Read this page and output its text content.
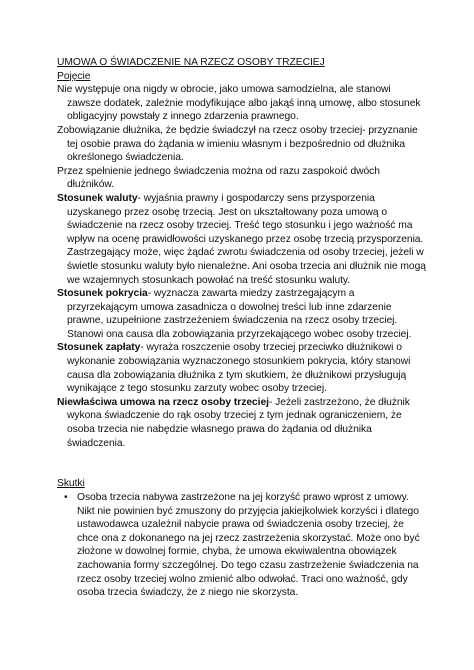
UMOWA O ŚWIADCZENIE NA RZECZ OSOBY TRZECIEJ

Pojęcie

Nie występuje ona nigdy w obrocie, jako umowa samodzielna, ale stanowi zawsze dodatek, zależnie modyfikujące albo jakąś inną umowę, albo stosunek obligacyjny powstały z innego zdarzenia prawnego.

Zobowiązanie dłużnika, że będzie świadczył na rzecz osoby trzeciej- przyznanie tej osobie prawa do żądania w imieniu własnym i bezpośrednio od dłużnika określonego świadczenia.

Przez spełnienie jednego świadczenia można od razu zaspokoić dwóch dłużników.

Stosunek waluty- wyjaśnia prawny i gospodarczy sens przysporzenia uzyskanego przez osobę trzecią. Jest on ukształtowany poza umową o świadczenie na rzecz osoby trzeciej. Treść tego stosunku i jego ważność ma wpływ na ocenę prawidłowości uzyskanego przez osobę trzecią przysporzenia. Zastrzegający może, więc żądać zwrotu świadczenia od osoby trzeciej, jeżeli w świetle stosunku waluty było nienależne. Ani osoba trzecia ani dłużnik nie mogą we wzajemnych stosunkach powołać na treść stosunku waluty.

Stosunek pokrycia- wyznacza zawarta miedzy zastrzegającym a przyrzekającym umowa zasadnicza o dowolnej treści lub inne zdarzenie prawne, uzupełnione zastrzeżeniem świadczenia na rzecz osoby trzeciej. Stanowi ona causa dla zobowiązania przyrzekającego wobec osoby trzeciej.

Stosunek zapłaty- wyraża roszczenie osoby trzeciej przeciwko dłużnikowi o wykonanie zobowiązania wyznaczonego stosunkiem pokrycia, który stanowi causa dla zobowiązania dłużnika z tym skutkiem, że dłużnikowi przysługują wynikające z tego stosunku zarzuty wobec osoby trzeciej.

Niewłaściwa umowa na rzecz osoby trzeciej- Jeżeli zastrzeżono, że dłużnik wykona świadczenie do rąk osoby trzeciej z tym jednak ograniczeniem, że osoba trzecia nie nabędzie własnego prawa do żądania od dłużnika świadczenia.

Skutki

• Osoba trzecia nabywa zastrzeżone na jej korzyść prawo wprost z umowy. Nikt nie powinien być zmuszony do przyjęcia jakiejkolwiek korzyści i dlatego ustawodawca uzależnił nabycie prawa od świadczenia osoby trzeciej, że chce ona z dokonanego na jej rzecz zastrzeżenia skorzystać. Może ono być złożone w dowolnej formie, chyba, że umowa ekwiwalentna obowiązek zachowania formy szczególnej. Do tego czasu zastrzeżenie świadczenia na rzecz osoby trzeciej wolno zmienić albo odwołać. Traci ono ważność, gdy osoba trzecia świadczy, że z niego nie skorzysta.
